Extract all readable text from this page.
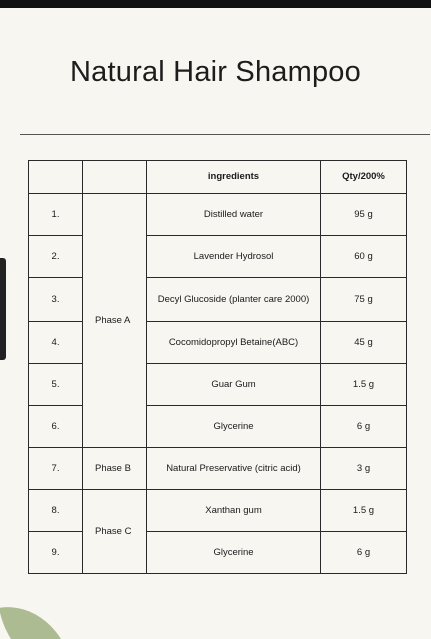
Natural Hair Shampoo
		ingredients	Qty/200%
1.	Phase A	Distilled water	95 g
2.		Lavender Hydrosol	60 g
3.		Decyl Glucoside (planter care 2000)	75 g
4.		Cocomidopropyl Betaine(ABC)	45 g
5.		Guar Gum	1.5 g
6.		Glycerine	6 g
7.	Phase B	Natural Preservative (citric acid)	3 g
8.	Phase C	Xanthan gum	1.5 g
9.		Glycerine	6 g
